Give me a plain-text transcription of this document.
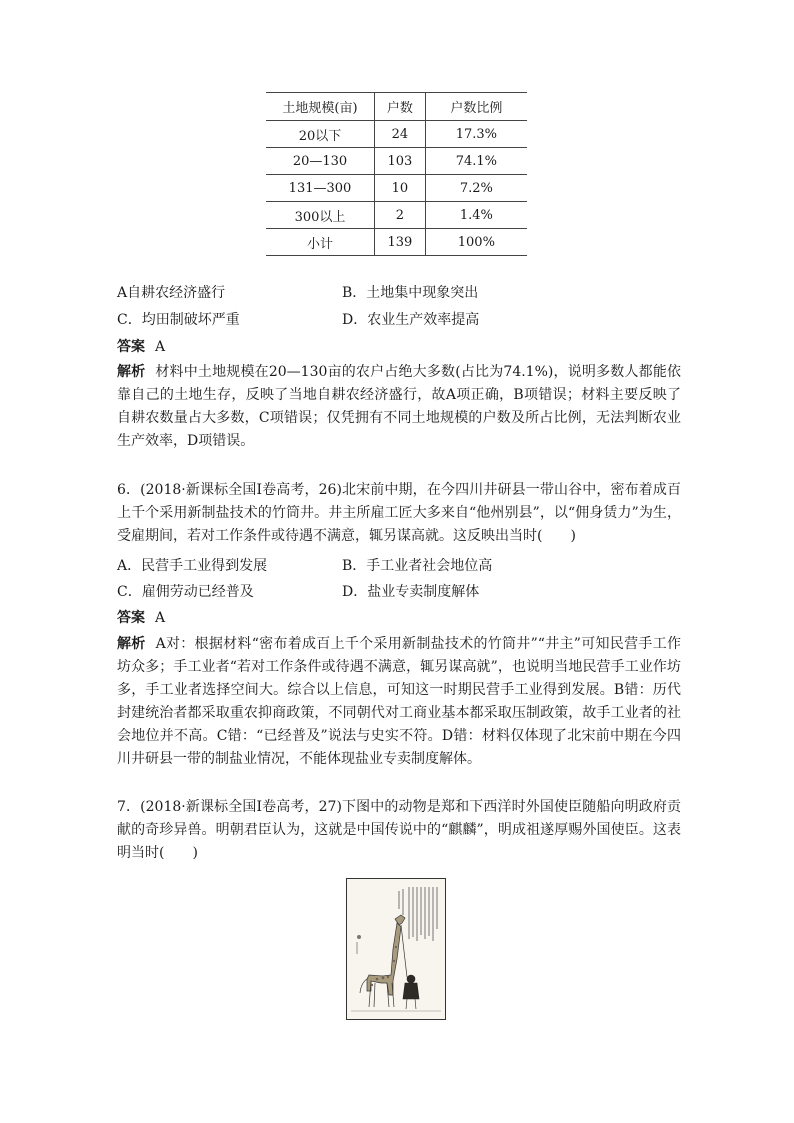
土地规模(亩)	户数	户数比例
20以下	24	17.3%
20—130	103	74.1%
131—300	10	7.2%
300以上	2	1.4%
小计	139	100%
A自耕农经济盛行	B．土地集中现象突出
C．均田制破坏严重	D．农业生产效率提高
答案 A

解析 材料中土地规模在20—130亩的农户占绝大多数(占比为74.1%)，说明多数人都能依靠自己的土地生存，反映了当地自耕农经济盛行，故A项正确，B项错误；材料主要反映了自耕农数量占大多数，C项错误；仅凭拥有不同土地规模的户数及所占比例，无法判断农业生产效率，D项错误。

6．(2018·新课标全国Ⅰ卷高考，26)北宋前中期，在今四川井研县一带山谷中，密布着成百上千个采用新制盐技术的竹筒井。井主所雇工匠大多来自“他州别县”，以“佣身赁力”为生，受雇期间，若对工作条件或待遇不满意，辄另谋高就。这反映出当时(　　)

A．民营手工业得到发展	B．手工业者社会地位高
C．雇佣劳动已经普及	D．盐业专卖制度解体
答案 A

解析 A对：根据材料“密布着成百上千个采用新制盐技术的竹筒井”“井主”可知民营手工作坊众多；手工业者“若对工作条件或待遇不满意，辄另谋高就”，也说明当地民营手工业作坊多，手工业者选择空间大。综合以上信息，可知这一时期民营手工业得到发展。B错：历代封建统治者都采取重农抑商政策，不同朝代对工商业基本都采取压制政策，故手工业者的社会地位并不高。C错：“已经普及”说法与史实不符。D错：材料仅体现了北宋前中期在今四川井研县一带的制盐业情况，不能体现盐业专卖制度解体。

7．(2018·新课标全国Ⅰ卷高考，27)下图中的动物是郑和下西洋时外国使臣随船向明政府贡献的奇珍异兽。明朝君臣认为，这就是中国传说中的“麒麟”，明成祖遂厚赐外国使臣。这表明当时(　　)
